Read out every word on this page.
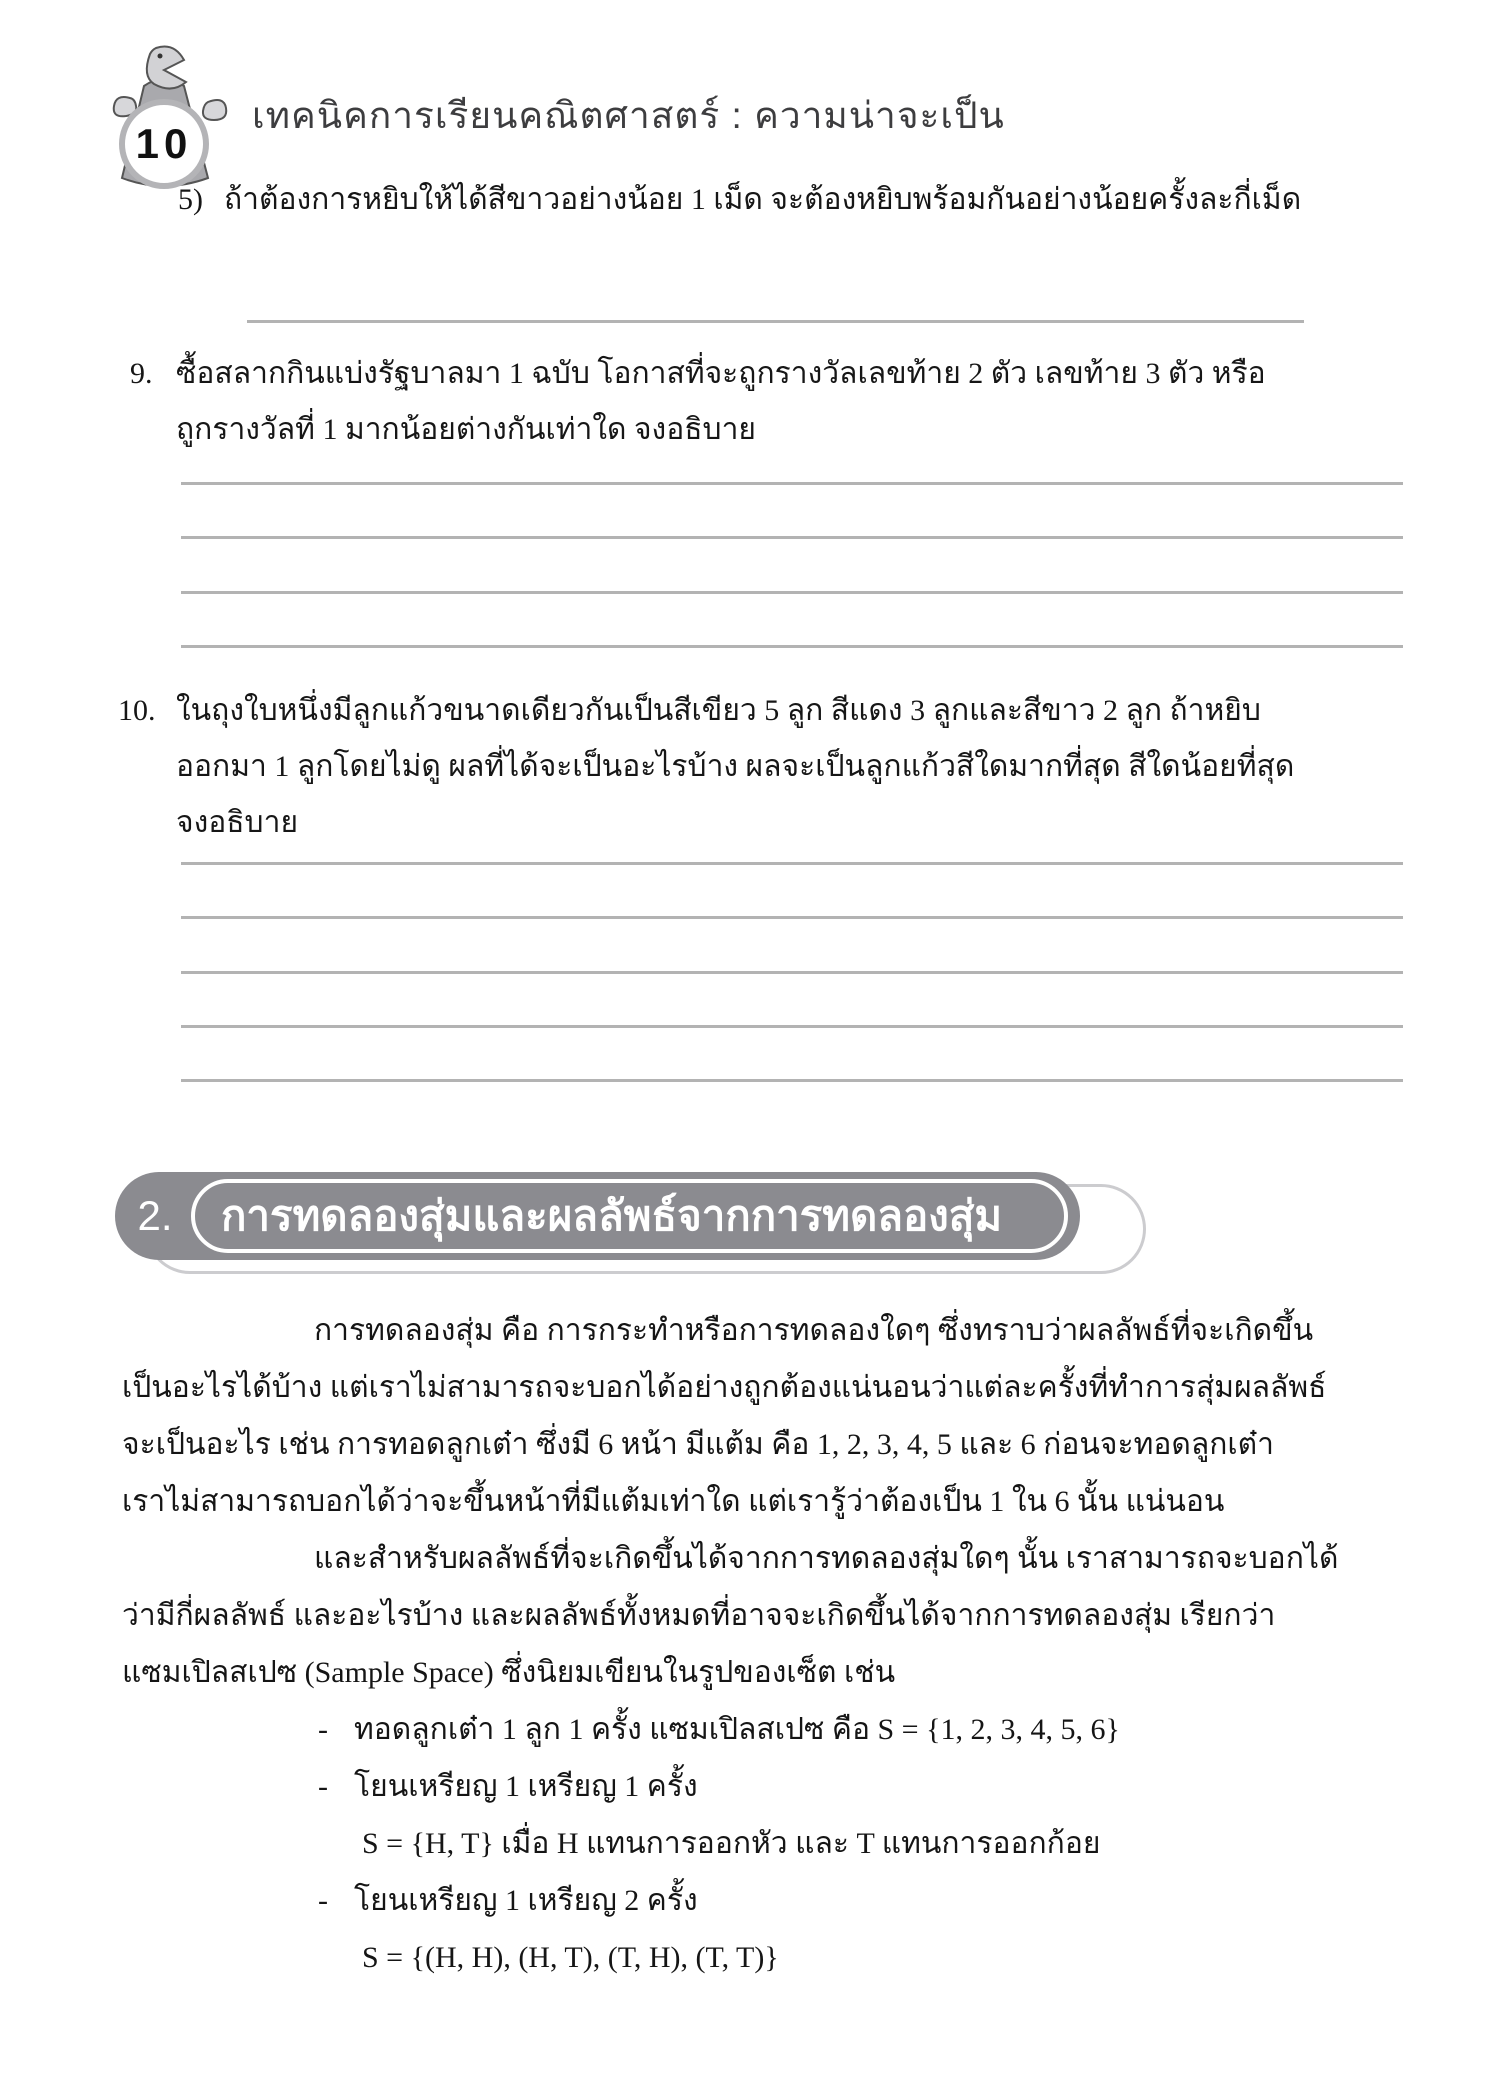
10
เทคนิคการเรียนคณิตศาสตร์ : ความน่าจะเป็น
5) ถ้าต้องการหยิบให้ได้สีขาวอย่างน้อย 1 เม็ด จะต้องหยิบพร้อมกันอย่างน้อยครั้งละกี่เม็ด
9. ซื้อสลากกินแบ่งรัฐบาลมา 1 ฉบับ โอกาสที่จะถูกรางวัลเลขท้าย 2 ตัว เลขท้าย 3 ตัว หรือ
ถูกรางวัลที่ 1 มากน้อยต่างกันเท่าใด จงอธิบาย
10. ในถุงใบหนึ่งมีลูกแก้วขนาดเดียวกันเป็นสีเขียว 5 ลูก สีแดง 3 ลูกและสีขาว 2 ลูก ถ้าหยิบ
ออกมา 1 ลูกโดยไม่ดู ผลที่ได้จะเป็นอะไรบ้าง ผลจะเป็นลูกแก้วสีใดมากที่สุด สีใดน้อยที่สุด
จงอธิบาย
2.	การทดลองสุ่มและผลลัพธ์จากการทดลองสุ่ม
การทดลองสุ่ม คือ การกระทำหรือการทดลองใดๆ ซึ่งทราบว่าผลลัพธ์ที่จะเกิดขึ้น
เป็นอะไรได้บ้าง แต่เราไม่สามารถจะบอกได้อย่างถูกต้องแน่นอนว่าแต่ละครั้งที่ทำการสุ่มผลลัพธ์
จะเป็นอะไร เช่น การทอดลูกเต๋า ซึ่งมี 6 หน้า มีแต้ม คือ 1, 2, 3, 4, 5 และ 6 ก่อนจะทอดลูกเต๋า
เราไม่สามารถบอกได้ว่าจะขึ้นหน้าที่มีแต้มเท่าใด แต่เรารู้ว่าต้องเป็น 1 ใน 6 นั้น แน่นอน
และสำหรับผลลัพธ์ที่จะเกิดขึ้นได้จากการทดลองสุ่มใดๆ นั้น เราสามารถจะบอกได้
ว่ามีกี่ผลลัพธ์ และอะไรบ้าง และผลลัพธ์ทั้งหมดที่อาจจะเกิดขึ้นได้จากการทดลองสุ่ม เรียกว่า
แซมเปิลสเปซ (Sample Space) ซึ่งนิยมเขียนในรูปของเซ็ต เช่น
- ทอดลูกเต๋า 1 ลูก 1 ครั้ง แซมเปิลสเปซ คือ S = {1, 2, 3, 4, 5, 6}
- โยนเหรียญ 1 เหรียญ 1 ครั้ง
S = {H, T} เมื่อ H แทนการออกหัว และ T แทนการออกก้อย
- โยนเหรียญ 1 เหรียญ 2 ครั้ง
S = {(H, H), (H, T), (T, H), (T, T)}
